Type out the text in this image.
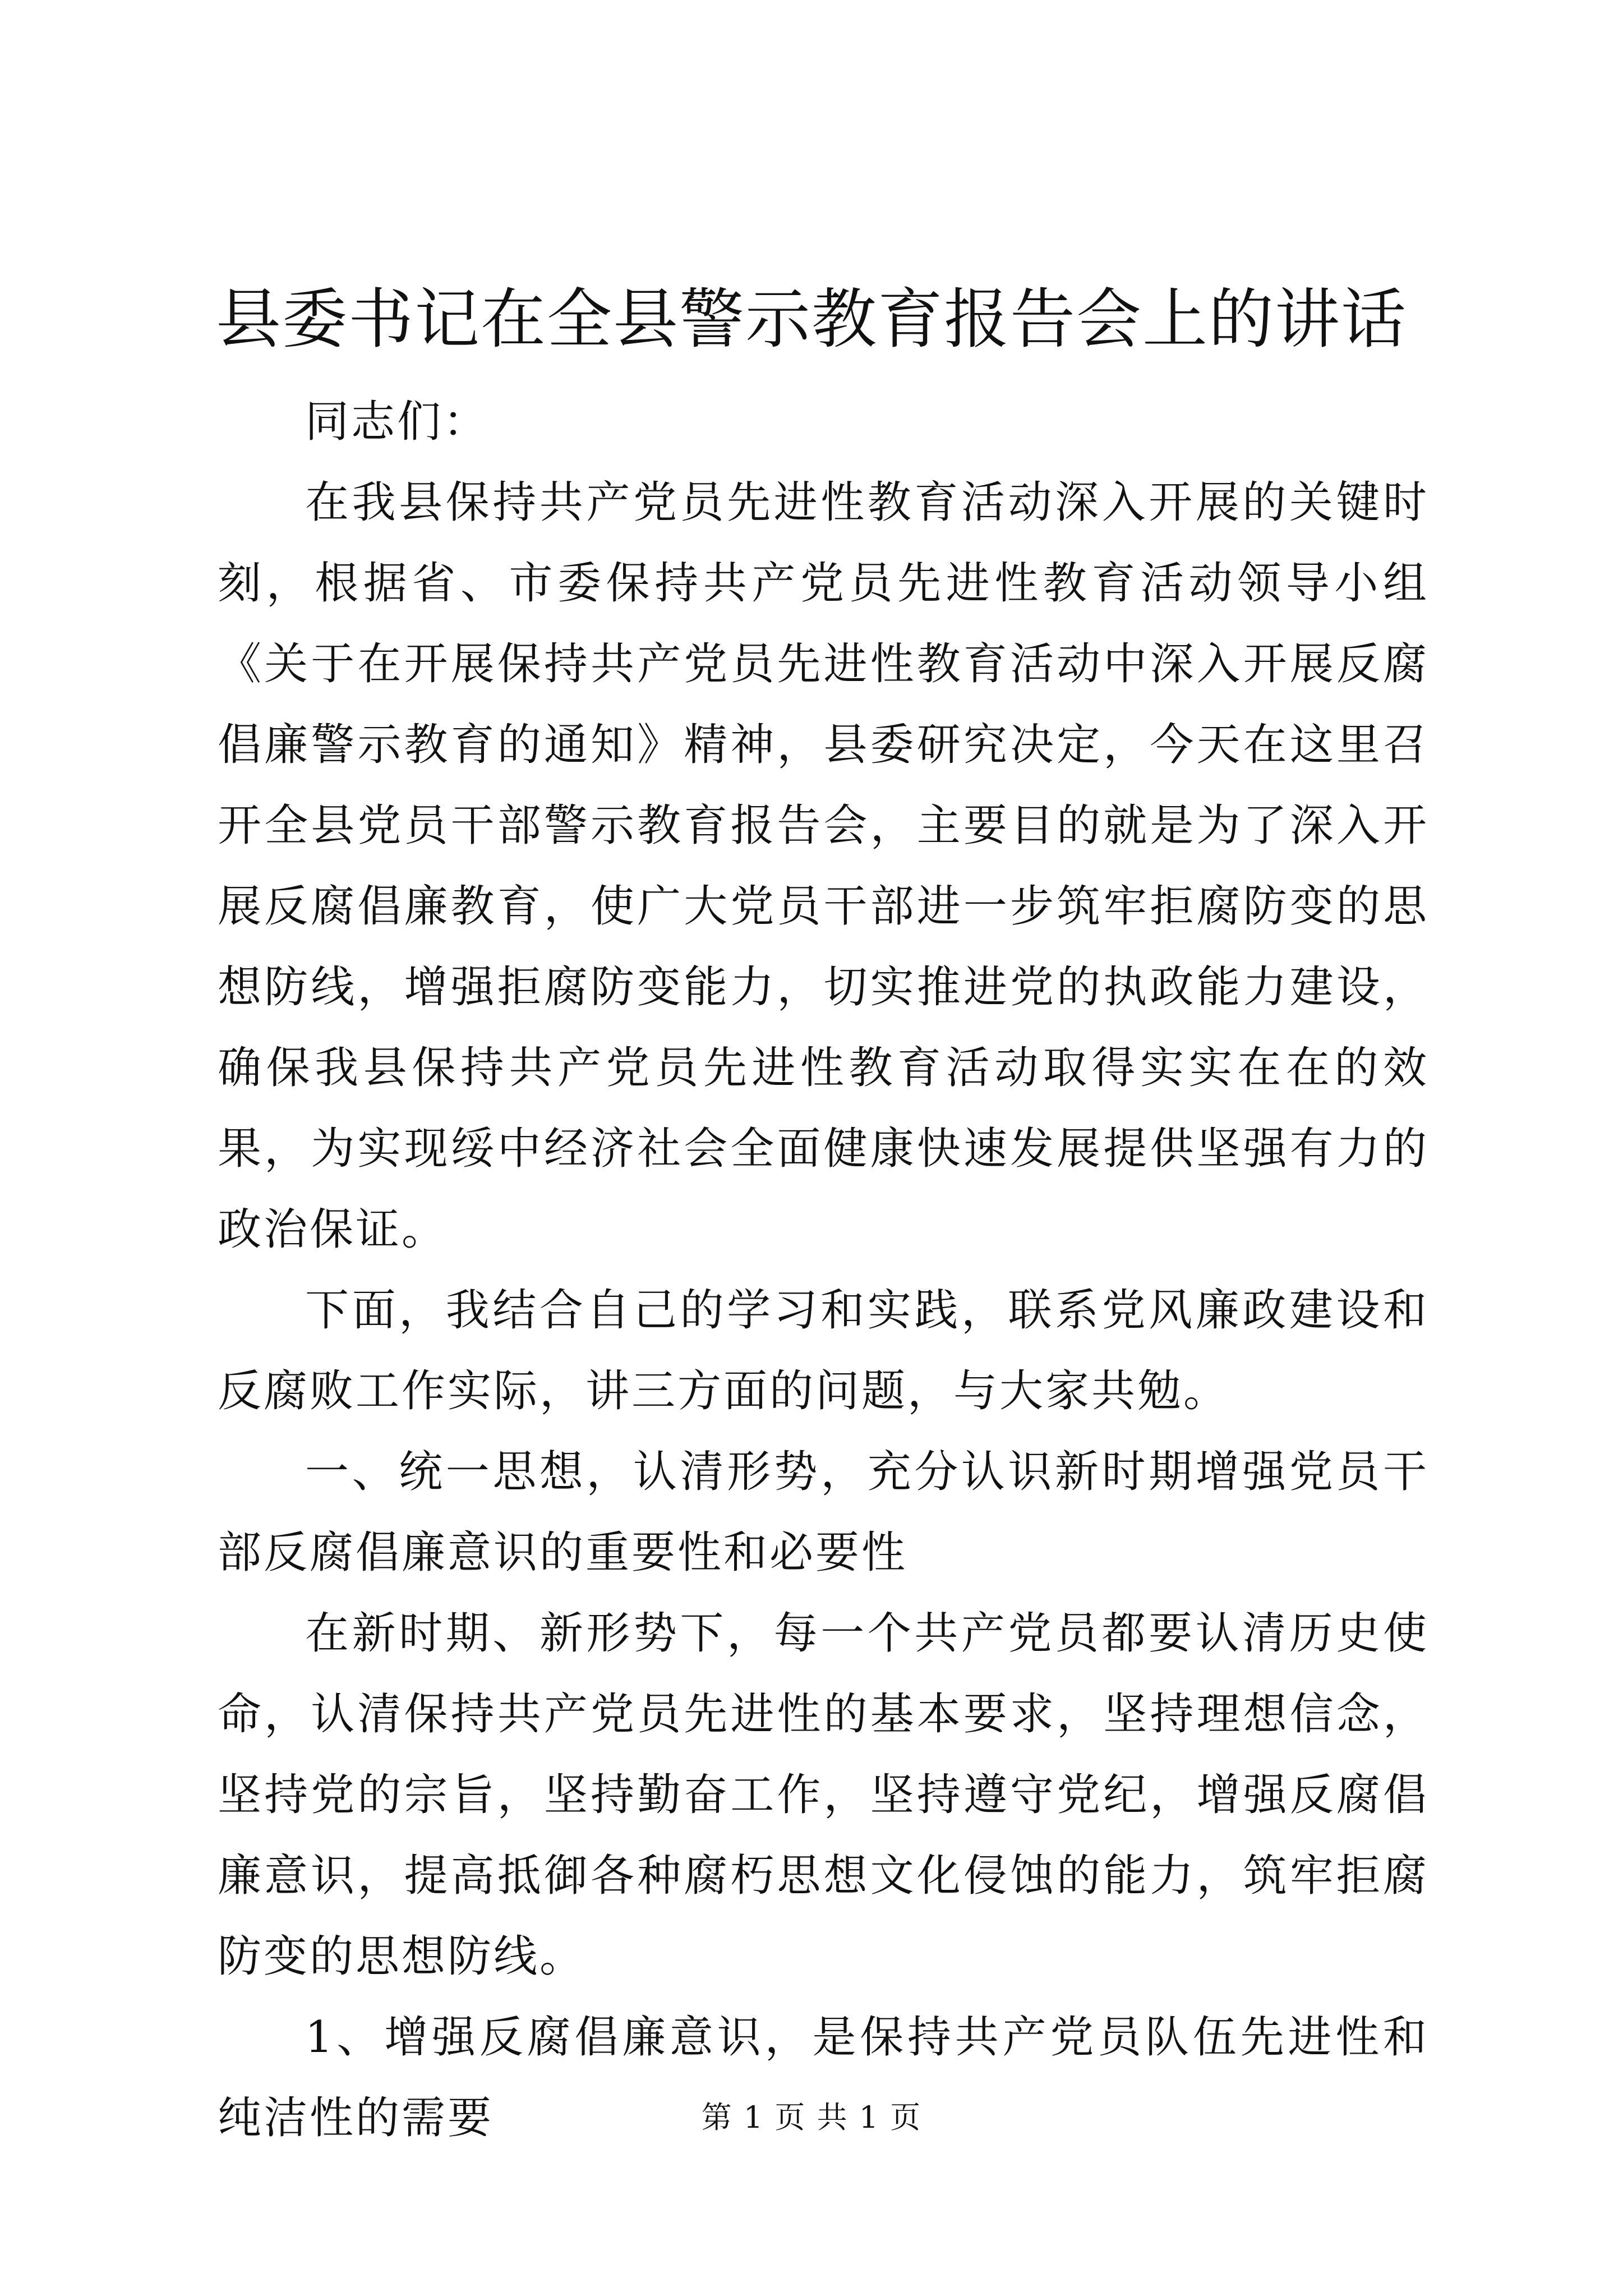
县委书记在全县警示教育报告会上的讲话

同志们：

在我县保持共产党员先进性教育活动深入开展的关键时刻，根据省、市委保持共产党员先进性教育活动领导小组《关于在开展保持共产党员先进性教育活动中深入开展反腐倡廉警示教育的通知》精神，县委研究决定，今天在这里召开全县党员干部警示教育报告会，主要目的就是为了深入开展反腐倡廉教育，使广大党员干部进一步筑牢拒腐防变的思想防线，增强拒腐防变能力，切实推进党的执政能力建设，确保我县保持共产党员先进性教育活动取得实实在在的效果，为实现绥中经济社会全面健康快速发展提供坚强有力的政治保证。

下面，我结合自己的学习和实践，联系党风廉政建设和反腐败工作实际，讲三方面的问题，与大家共勉。

一、统一思想，认清形势，充分认识新时期增强党员干部反腐倡廉意识的重要性和必要性

在新时期、新形势下，每一个共产党员都要认清历史使命，认清保持共产党员先进性的基本要求，坚持理想信念，坚持党的宗旨，坚持勤奋工作，坚持遵守党纪，增强反腐倡廉意识，提高抵御各种腐朽思想文化侵蚀的能力，筑牢拒腐防变的思想防线。

1、增强反腐倡廉意识，是保持共产党员队伍先进性和纯洁性的需要	第 1 页 共 1 页
